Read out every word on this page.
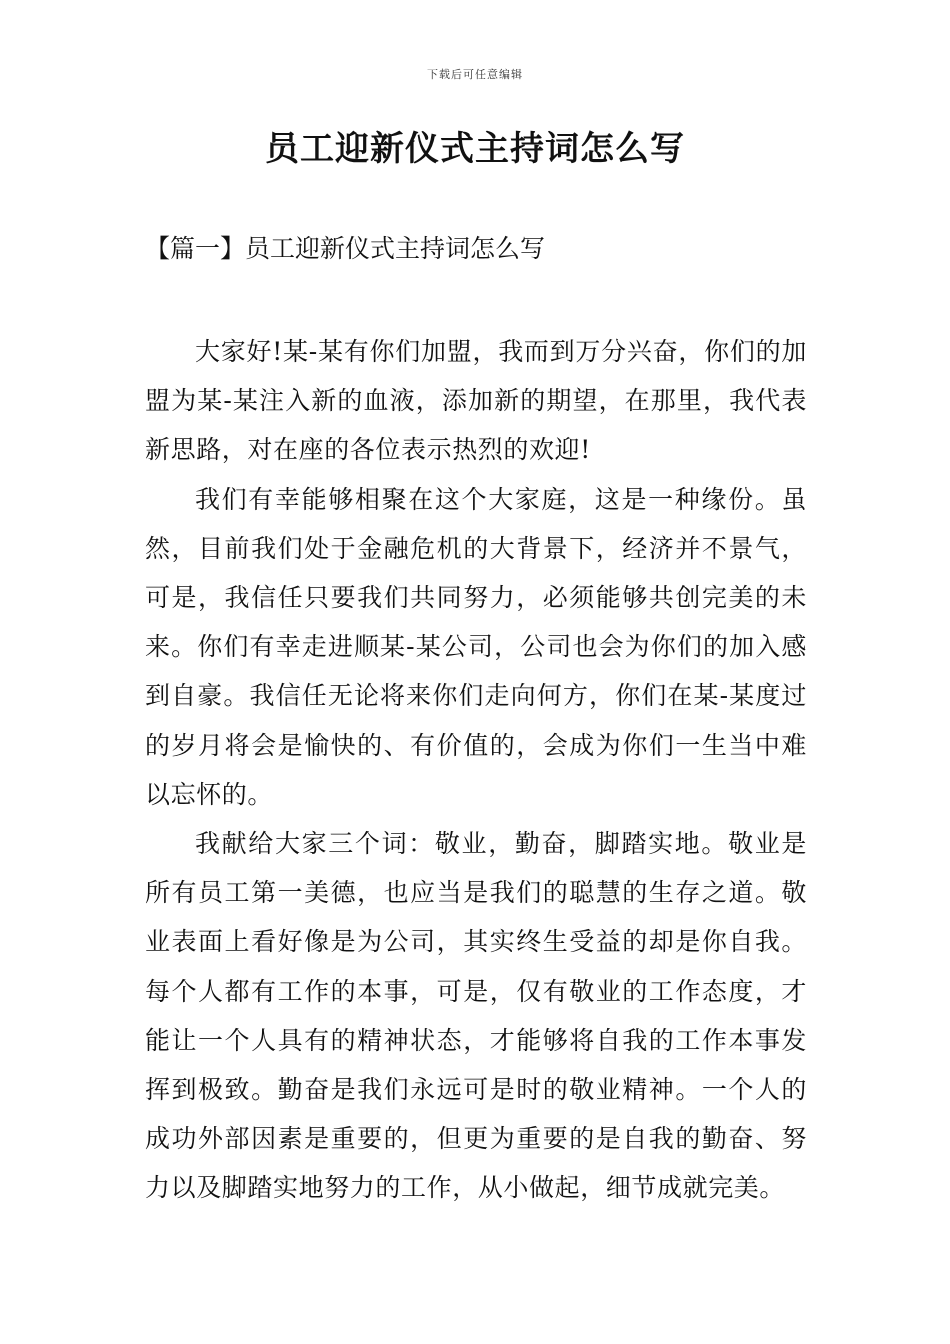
下载后可任意编辑
员工迎新仪式主持词怎么写
【篇一】员工迎新仪式主持词怎么写

大家好!某-某有你们加盟，我而到万分兴奋，你们的加盟为某-某注入新的血液，添加新的期望，在那里，我代表新思路，对在座的各位表示热烈的欢迎!

我们有幸能够相聚在这个大家庭，这是一种缘份。虽然，目前我们处于金融危机的大背景下，经济并不景气，可是，我信任只要我们共同努力，必须能够共创完美的未来。你们有幸走进顺某-某公司，公司也会为你们的加入感到自豪。我信任无论将来你们走向何方，你们在某-某度过的岁月将会是愉快的、有价值的，会成为你们一生当中难以忘怀的。

我献给大家三个词：敬业，勤奋，脚踏实地。敬业是所有员工第一美德，也应当是我们的聪慧的生存之道。敬业表面上看好像是为公司，其实终生受益的却是你自我。每个人都有工作的本事，可是，仅有敬业的工作态度，才能让一个人具有的精神状态，才能够将自我的工作本事发挥到极致。勤奋是我们永远可是时的敬业精神。一个人的成功外部因素是重要的，但更为重要的是自我的勤奋、努力以及脚踏实地努力的工作，从小做起，细节成就完美。
